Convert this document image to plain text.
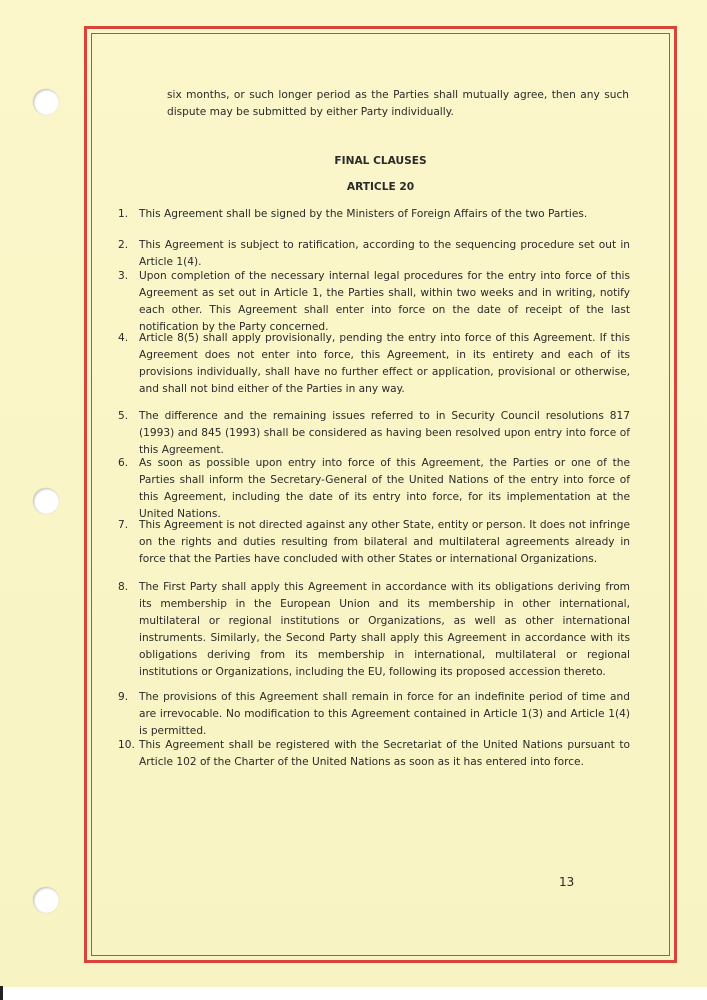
six months, or such longer period as the Parties shall mutually agree, then any such dispute may be submitted by either Party individually.

FINAL CLAUSES
ARTICLE 20
1.	This Agreement shall be signed by the Ministers of Foreign Affairs of the two Parties.
2.	This Agreement is subject to ratification, according to the sequencing procedure set out in Article 1(4).
3.	Upon completion of the necessary internal legal procedures for the entry into force of this Agreement as set out in Article 1, the Parties shall, within two weeks and in writing, notify each other. This Agreement shall enter into force on the date of receipt of the last notification by the Party concerned.
4.	Article 8(5) shall apply provisionally, pending the entry into force of this Agreement. If this Agreement does not enter into force, this Agreement, in its entirety and each of its provisions individually, shall have no further effect or application, provisional or otherwise, and shall not bind either of the Parties in any way.
5.	The difference and the remaining issues referred to in Security Council resolutions 817 (1993) and 845 (1993) shall be considered as having been resolved upon entry into force of this Agreement.
6.	As soon as possible upon entry into force of this Agreement, the Parties or one of the Parties shall inform the Secretary-General of the United Nations of the entry into force of this Agreement, including the date of its entry into force, for its implementation at the United Nations.
7.	This Agreement is not directed against any other State, entity or person. It does not infringe on the rights and duties resulting from bilateral and multilateral agreements already in force that the Parties have concluded with other States or international Organizations.
8.	The First Party shall apply this Agreement in accordance with its obligations deriving from its membership in the European Union and its membership in other international, multilateral or regional institutions or Organizations, as well as other international instruments. Similarly, the Second Party shall apply this Agreement in accordance with its obligations deriving from its membership in international, multilateral or regional institutions or Organizations, including the EU, following its proposed accession thereto.
9.	The provisions of this Agreement shall remain in force for an indefinite period of time and are irrevocable. No modification to this Agreement contained in Article 1(3) and Article 1(4) is permitted.
10. This Agreement shall be registered with the Secretariat of the United Nations pursuant to Article 102 of the Charter of the United Nations as soon as it has entered into force.
13
